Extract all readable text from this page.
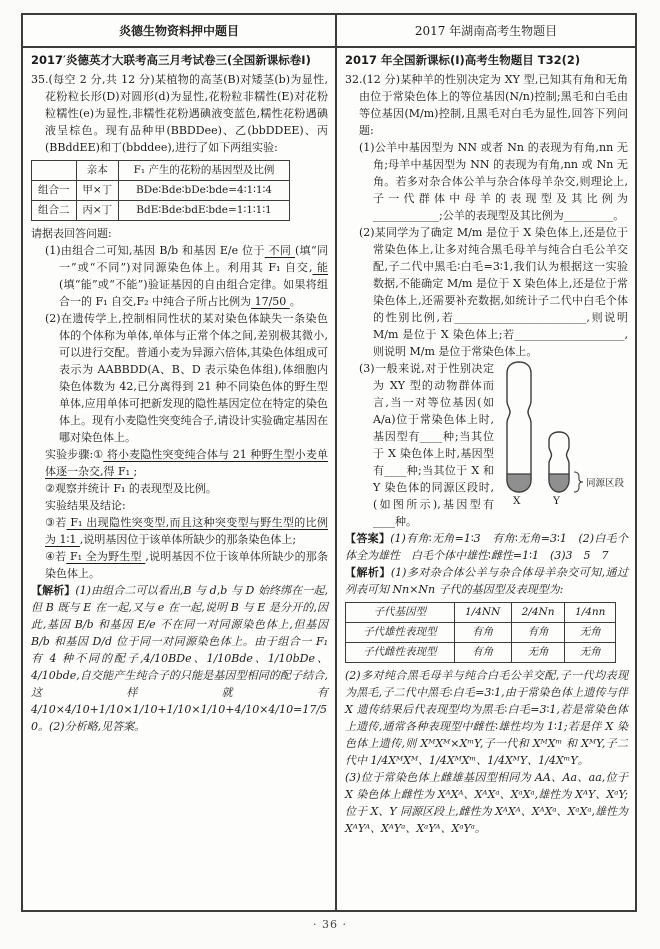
炎德生物资料押中题目	2017 年湖南高考生物题目

2017′炎德英才大联考高三月考试卷三(全国新课标卷Ⅰ)

35.(每空 2 分,共 12 分)某植物的高茎(B)对矮茎(b)为显性,花粉粒长形(D)对圆形(d)为显性,花粉粒非糯性(E)对花粉粒糯性(e)为显性,非糯性花粉遇碘液变蓝色,糯性花粉遇碘液呈棕色。现有品种甲(BBDDee)、乙(bbDDEE)、丙(BBddEE)和丁(bbddee),进行了如下两组实验:

	亲本	F₁ 产生的花粉的基因型及比例
组合一	甲×丁	BDe∶Bde∶bDe∶bde=4∶1∶1∶4
组合二	丙×丁	BdE∶Bde∶bdE∶bde=1∶1∶1∶1

请据表回答问题:

(1)由组合二可知,基因 B/b 和基因 E/e 位于 不同 (填“同一”或“不同”)对同源染色体上。利用其 F₁ 自交, 能 (填“能”或“不能”)验证基因的自由组合定律。如果将组合一的 F₁ 自交,F₂ 中纯合子所占比例为 17/50 。

(2)在遗传学上,控制相同性状的某对染色体缺失一条染色体的个体称为单体,单体与正常个体之间,差别极其微小,可以进行交配。普通小麦为异源六倍体,其染色体组成可表示为 AABBDD(A、B、D 表示染色体组),体细胞内染色体数为 42,已分离得到 21 种不同染色体的野生型单体,应用单体可把新发现的隐性基因定位在特定的染色体上。现有小麦隐性突变纯合子,请设计实验确定基因在哪对染色体上。

实验步骤:① 将小麦隐性突变纯合体与 21 种野生型小麦单体逐一杂交,得 F₁ ;

②观察并统计 F₁ 的表现型及比例。

实验结果及结论:

③若 F₁ 出现隐性突变型,而且这种突变型与野生型的比例为 1∶1 ,说明基因位于该单体所缺少的那条染色体上;

④若 F₁ 全为野生型 ,说明基因不位于该单体所缺少的那条染色体上。

【解析】(1)由组合二可以看出,B 与 d,b 与 D 始终绑在一起,但 B 既与 E 在一起,又与 e 在一起,说明 B 与 E 是分开的,因此,基因 B/b 和基因 E/e 不在同一对同源染色体上,但基因 B/b 和基因 D/d 位于同一对同源染色体上。由于组合一 F₁ 有 4 种不同的配子,4/10BDe、1/10Bde、1/10bDe、4/10bde,自交能产生纯合子的只能是基因型相同的配子结合,这样就有 4/10×4/10+1/10×1/10+1/10×1/10+4/10×4/10=17/50。(2)分析略,见答案。

2017 年全国新课标(Ⅰ)高考生物题目 T32(2)

32.(12 分)某种羊的性别决定为 XY 型,已知其有角和无角由位于常染色体上的等位基因(N/n)控制;黑毛和白毛由等位基因(M/m)控制,且黑毛对白毛为显性,回答下列问题:

(1)公羊中基因型为 NN 或者 Nn 的表现为有角,nn 无角;母羊中基因型为 NN 的表现为有角,nn 或 Nn 无角。若多对杂合体公羊与杂合体母羊杂交,则理论上,子一代群体中母羊的表现型及其比例为____________;公羊的表现型及其比例为_________。

(2)某同学为了确定 M/m 是位于 X 染色体上,还是位于常染色体上,让多对纯合黑毛母羊与纯合白毛公羊交配,子二代中黑毛∶白毛=3∶1,我们认为根据这一实验数据,不能确定 M/m 是位于 X 染色体上,还是位于常染色体上,还需要补充数据,如统计子二代中白毛个体的性别比例,若________________________,则说明 M/m 是位于 X 染色体上;若____________________,则说明 M/m 是位于常染色体上。

X	Y
同源区段
(3)一般来说,对于性别决定为 XY 型的动物群体而言,当一对等位基因(如 A/a)位于常染色体上时,基因型有____种;当其位于 X 染色体上时,基因型有____种;当其位于 X 和 Y 染色体的同源区段时,(如图所示),基因型有____种。

【答案】(1)有角∶无角=1∶3　有角∶无角=3∶1　(2)白毛个体全为雄性　白毛个体中雄性∶雌性=1∶1　(3)3　5　7

【解析】(1)多对杂合体公羊与杂合体母羊杂交可知,通过列表可知 Nn×Nn 子代的基因型及表现型为:

子代基因型	1/4NN	2/4Nn	1/4nn
子代雄性表现型	有角	有角	无角
子代雌性表现型	有角	无角	无角

(2)多对纯合黑毛母羊与纯合白毛公羊交配,子一代均表现为黑毛,子二代中黑毛∶白毛=3∶1,由于常染色体上遗传与伴 X 遗传结果后代表现型均为黑毛∶白毛=3∶1,若是常染色体上遗传,通常各种表现型中雌性∶雄性均为 1∶1;若是伴 X 染色体上遗传,则 XᴹXᴹ×XᵐY,子一代和 XᴹXᵐ 和 XᴹY,子二代中 1/4XᴹXᴹ、1/4XᴹXᵐ、1/4XᴹY、1/4XᵐY。

(3)位于常染色体上雌雄基因型相同为 AA、Aa、aa,位于 X 染色体上雌性为 XᴬXᴬ、XᴬXᵃ、XᵃXᵃ,雄性为 XᴬY、XᵃY;位于 X、Y 同源区段上,雌性为 XᴬXᴬ、XᴬXᵃ、XᵃXᵃ,雄性为 XᴬYᴬ、XᴬYᵃ、XᵃYᴬ、XᵃYᵃ。

· 36 ·
